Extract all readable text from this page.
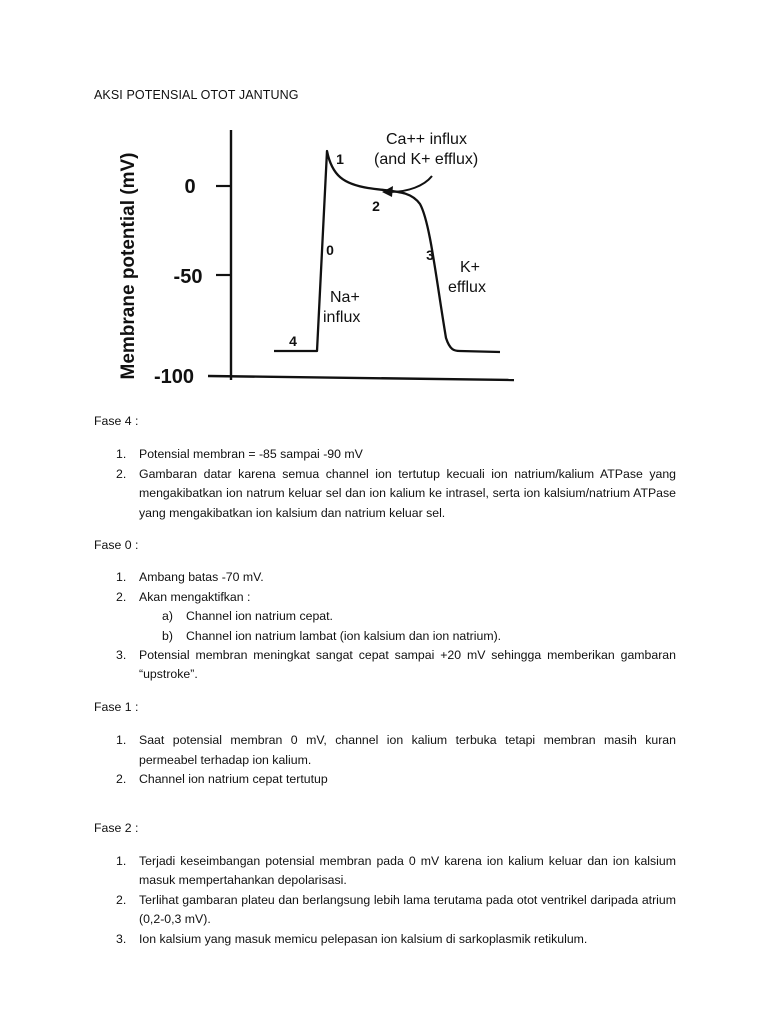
AKSI POTENSIAL OTOT JANTUNG
Membrane potential (mV) 0
-50
-100
0
1
2
3
4
Ca++ influx
(and K+ efflux)
K+
efflux
Na+
influx

Fase 4 :

1. Potensial membran = -85 sampai -90 mV
2. Gambaran datar karena semua channel ion tertutup kecuali ion natrium/kalium ATPase yang mengakibatkan ion natrum keluar sel dan ion kalium ke intrasel, serta ion kalsium/natrium ATPase yang mengakibatkan ion kalsium dan natrium keluar sel.

Fase 0 :

1. Ambang batas -70 mV.
2. Akan mengaktifkan :
a) Channel ion natrium cepat.
b) Channel ion natrium lambat (ion kalsium dan ion natrium).
3. Potensial membran meningkat sangat cepat sampai +20 mV sehingga memberikan gambaran “upstroke”.

Fase 1 :

1. Saat potensial membran 0 mV, channel ion kalium terbuka tetapi membran masih kuran permeabel terhadap ion kalium.
2. Channel ion natrium cepat tertutup

Fase 2 :

1. Terjadi keseimbangan potensial membran pada 0 mV karena ion kalium keluar dan ion kalsium masuk mempertahankan depolarisasi.
2. Terlihat gambaran plateu dan berlangsung lebih lama terutama pada otot ventrikel daripada atrium (0,2-0,3 mV).
3. Ion kalsium yang masuk memicu pelepasan ion kalsium di sarkoplasmik retikulum.
